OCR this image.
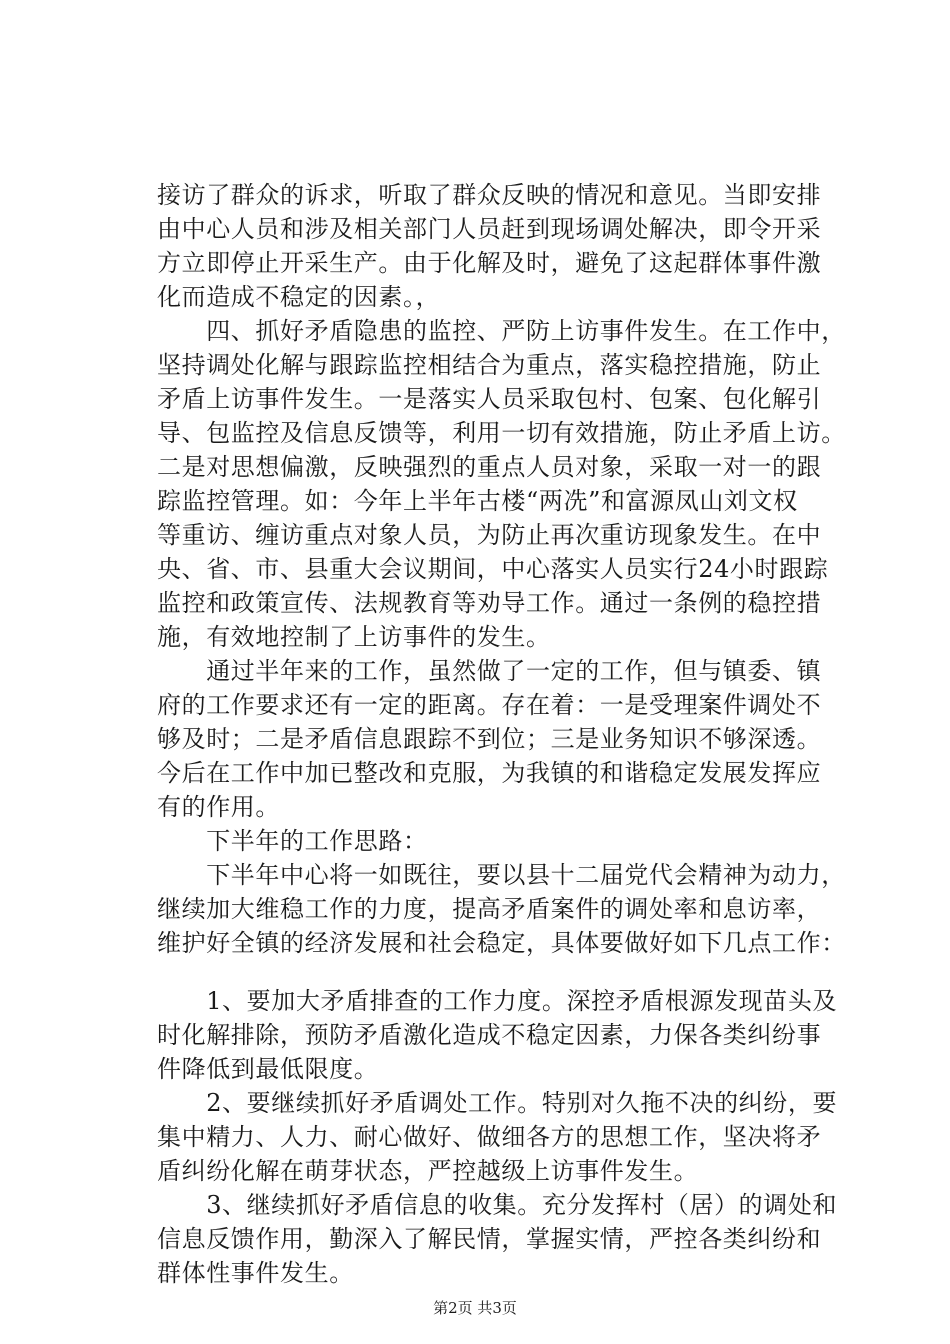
接访了群众的诉求，听取了群众反映的情况和意见。当即安排
由中心人员和涉及相关部门人员赶到现场调处解决，即令开采
方立即停止开采生产。由于化解及时，避免了这起群体事件激
化而造成不稳定的因素。，
　　四、抓好矛盾隐患的监控、严防上访事件发生。在工作中，
坚持调处化解与跟踪监控相结合为重点，落实稳控措施，防止
矛盾上访事件发生。一是落实人员采取包村、包案、包化解引
导、包监控及信息反馈等，利用一切有效措施，防止矛盾上访。
二是对思想偏激，反映强烈的重点人员对象，采取一对一的跟
踪监控管理。如：今年上半年古楼“两冼”和富源凤山刘文权
等重访、缠访重点对象人员，为防止再次重访现象发生。在中
央、省、市、县重大会议期间，中心落实人员实行24小时跟踪
监控和政策宣传、法规教育等劝导工作。通过一条例的稳控措
施，有效地控制了上访事件的发生。
　　通过半年来的工作，虽然做了一定的工作，但与镇委、镇
府的工作要求还有一定的距离。存在着：一是受理案件调处不
够及时；二是矛盾信息跟踪不到位；三是业务知识不够深透。
今后在工作中加已整改和克服，为我镇的和谐稳定发展发挥应
有的作用。
　　下半年的工作思路：
　　下半年中心将一如既往，要以县十二届党代会精神为动力，
继续加大维稳工作的力度，提高矛盾案件的调处率和息访率，
维护好全镇的经济发展和社会稳定，具体要做好如下几点工作：
　　1、要加大矛盾排查的工作力度。深控矛盾根源发现苗头及
时化解排除，预防矛盾激化造成不稳定因素，力保各类纠纷事
件降低到最低限度。
　　2、要继续抓好矛盾调处工作。特别对久拖不决的纠纷，要
集中精力、人力、耐心做好、做细各方的思想工作，坚决将矛
盾纠纷化解在萌芽状态，严控越级上访事件发生。
　　3、继续抓好矛盾信息的收集。充分发挥村（居）的调处和
信息反馈作用，勤深入了解民情，掌握实情，严控各类纠纷和
群体性事件发生。
第2页 共3页
